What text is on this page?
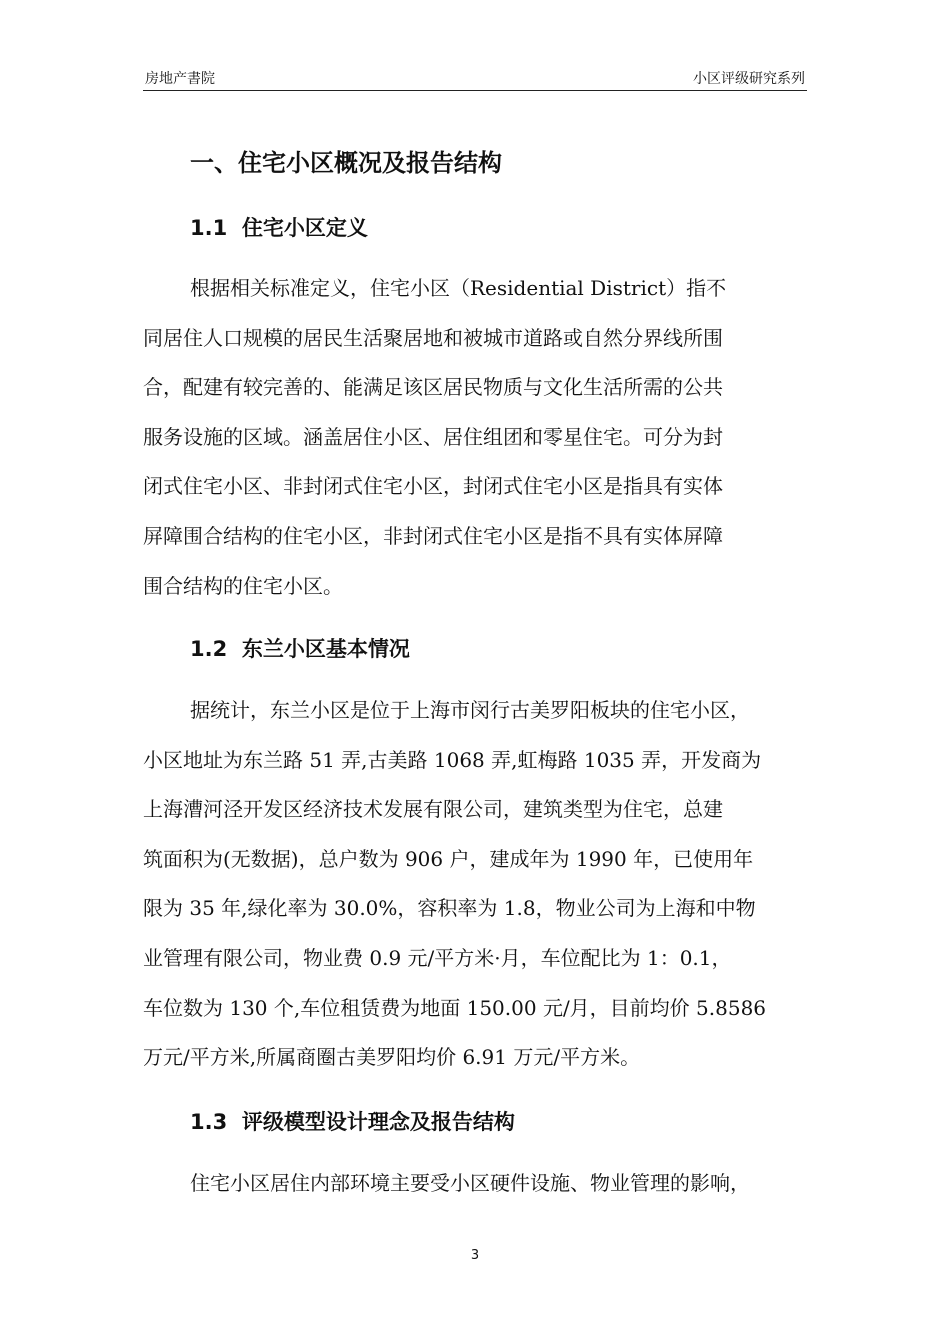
房地产書院	小区评级研究系列
一、住宅小区概况及报告结构
1.1  住宅小区定义
根据相关标准定义，住宅小区（Residential District）指不
同居住人口规模的居民生活聚居地和被城市道路或自然分界线所围
合，配建有较完善的、能满足该区居民物质与文化生活所需的公共
服务设施的区域。涵盖居住小区、居住组团和零星住宅。可分为封
闭式住宅小区、非封闭式住宅小区，封闭式住宅小区是指具有实体
屏障围合结构的住宅小区，非封闭式住宅小区是指不具有实体屏障
围合结构的住宅小区。
1.2  东兰小区基本情况
据统计，东兰小区是位于上海市闵行古美罗阳板块的住宅小区，
小区地址为东兰路 51 弄,古美路 1068 弄,虹梅路 1035 弄，开发商为
上海漕河泾开发区经济技术发展有限公司，建筑类型为住宅，总建
筑面积为(无数据)，总户数为 906 户，建成年为 1990 年，已使用年
限为 35 年,绿化率为 30.0%，容积率为 1.8，物业公司为上海和中物
业管理有限公司，物业费 0.9 元/平方米·月，车位配比为 1：0.1，
车位数为 130 个,车位租赁费为地面 150.00 元/月，目前均价 5.8586
万元/平方米,所属商圈古美罗阳均价 6.91 万元/平方米。
1.3  评级模型设计理念及报告结构
住宅小区居住内部环境主要受小区硬件设施、物业管理的影响，
3
